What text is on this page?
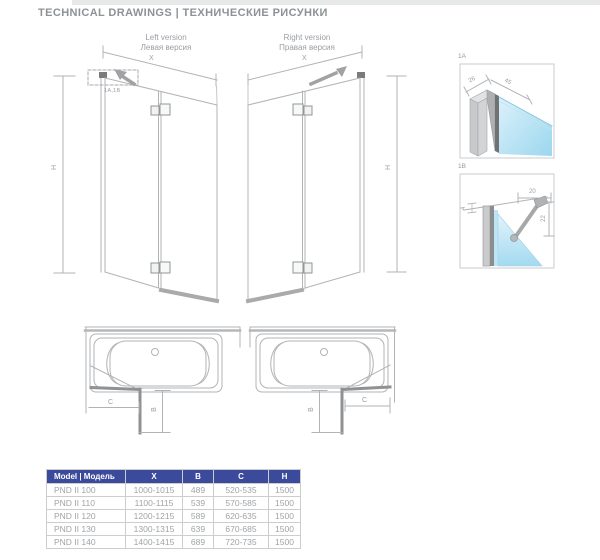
TECHNICAL DRAWINGS | ТЕХНИЧЕСКИЕ РИСУНКИ
Left version
Левая версия
Right version
Правая версия
X
H
1A,1B
X
H
C
B	B
C
1A
1B
26	45
4
20
22
Model | Модель	X	B	C	H
PND II 100	1000-1015	489	520-535	1500
PND II 110	1100-1115	539	570-585	1500
PND II 120	1200-1215	589	620-635	1500
PND II 130	1300-1315	639	670-685	1500
PND II 140	1400-1415	689	720-735	1500
